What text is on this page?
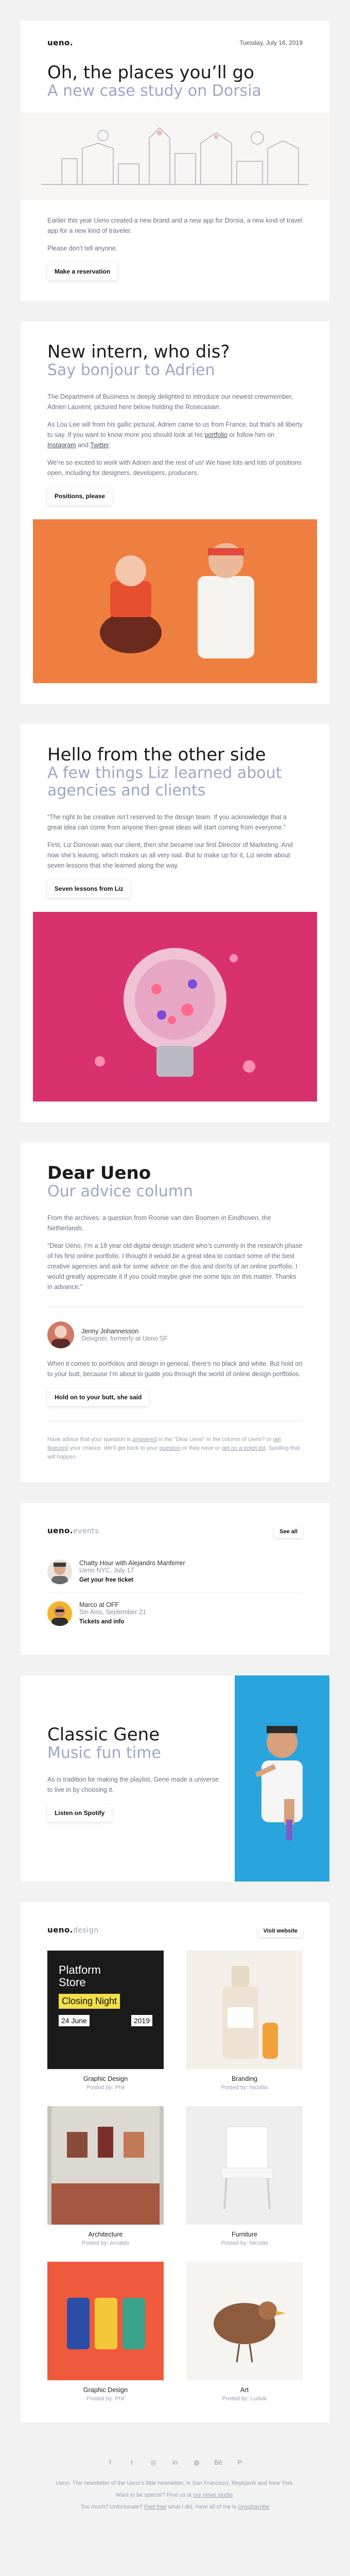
ueno.	Tuesday, July 16, 2019
Oh, the places you’ll go
A new case study on Dorsia

Earlier this year Ueno created a new brand and a new app for Dorsia, a new kind of travel app for a new kind of traveler.

Please don’t tell anyone.

Make a reservation
New intern, who dis?
Say bonjour to Adrien

The Department of Business is deeply delighted to introduce our newest crewmember, Adrien Lauvent, pictured here below holding the Rosecasian.

As Lou Lee will from his gallic pictural, Adrien came to us from France, but that’s all liberty to say. If you want to know more you should look at his portfolio or follow him on Instagram and Twitter.

We’re so excited to work with Adrien and the rest of us! We have lots and lots of positions open, including for designers, developers, producers.

Positions, please
Hello from the other side
A few things Liz learned about agencies and clients

“The right to be creative isn’t reserved to the design team. If you acknowledge that a great idea can come from anyone then great ideas will start coming from everyone.”

First, Liz Donovan was our client, then she became our first Director of Marketing. And now she’s leaving, which makes us all very sad. But to make up for it, Liz wrote about seven lessons that she learned along the way.

Seven lessons from Liz
Dear Ueno
Our advice column

From the archives: a question from Roonie van den Boomen in Eindhoven, the Netherlands.

“Dear Ueno, I’m a 18 year old digital design student who’s currently in the research phase of his first online portfolio. I thought it would be a great idea to contact some of the best creative agencies and ask for some advice on the dos and don’ts of an online portfolio. I would greatly appreciate it if you could maybe give me some tips on this matter. Thanks in advance.”

Jenny Johannesson
Designer, formerly at Ueno SF

When it comes to portfolios and design in general, there’s no black and white. But hold on to your butt, because I’m about to guide you through the world of online design portfolios.

Hold on to your butt, she said

Have advice that your question is answered in the “Dear Ueno” in the column of Ueno? or get featured your chance. We’ll get back to your question or they have or get on a ticket list. Spoiling that will happen.

ueno.events	See all
Chatty Hour with Alejandro Manferrer
Ueno NYC, July 17
Get your free ticket
Marco at OFF
Sin Aiss, September 21
Tickets and info
Classic Gene
Music fun time

As is tradition for making the playlist, Gene made a universe to live in by choosing it.

Listen on Spotify
ueno.design	Visit website
Platform
Store
Closing Night
24 June	2019
Graphic Design
Posted by: Phil
Branding
Posted by: Nicolás
Architecture
Posted by: Arnaldo
Furniture
Posted by: Nicolás
Graphic Design
Posted by: Phil
Art
Posted by: Ludvik
f	t	◎ in ◍ Bē P

Ueno. The newsletter of the Ueno’s little newsletter, in San Francisco, Reykjavík and New York.

Want to be special? Find us at our news studio.

Too much? Unfortunate? Feel free what I did. Here all of me is Unsubscribe
